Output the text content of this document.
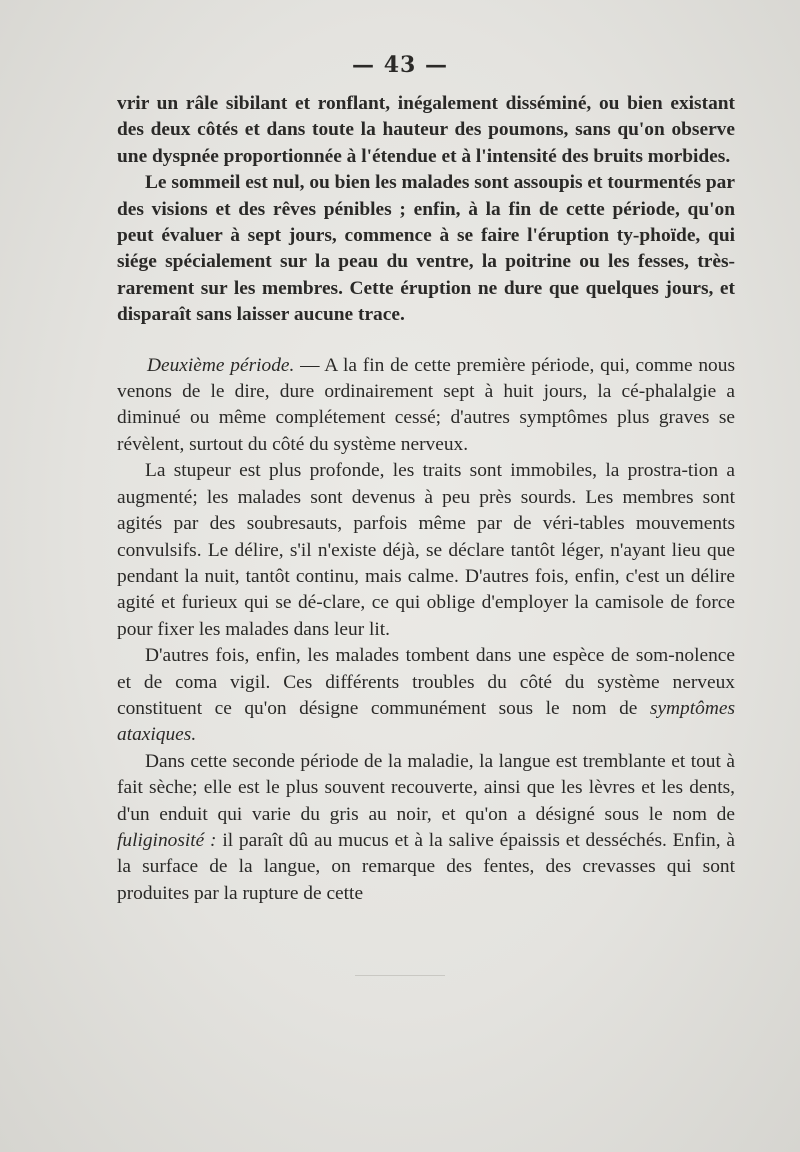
— 43 —

vrir un râle sibilant et ronflant, inégalement disséminé, ou bien existant des deux côtés et dans toute la hauteur des poumons, sans qu'on observe une dyspnée proportionnée à l'étendue et à l'intensité des bruits morbides.

Le sommeil est nul, ou bien les malades sont assoupis et tourmentés par des visions et des rêves pénibles ; enfin, à la fin de cette période, qu'on peut évaluer à sept jours, commence à se faire l'éruption ty-phoïde, qui siége spécialement sur la peau du ventre, la poitrine ou les fesses, très-rarement sur les membres. Cette éruption ne dure que quelques jours, et disparaît sans laisser aucune trace.

Deuxième période. — A la fin de cette première période, qui, comme nous venons de le dire, dure ordinairement sept à huit jours, la cé-phalalgie a diminué ou même complétement cessé; d'autres symptômes plus graves se révèlent, surtout du côté du système nerveux.

La stupeur est plus profonde, les traits sont immobiles, la prostra-tion a augmenté; les malades sont devenus à peu près sourds. Les membres sont agités par des soubresauts, parfois même par de véri-tables mouvements convulsifs. Le délire, s'il n'existe déjà, se déclare tantôt léger, n'ayant lieu que pendant la nuit, tantôt continu, mais calme. D'autres fois, enfin, c'est un délire agité et furieux qui se dé-clare, ce qui oblige d'employer la camisole de force pour fixer les malades dans leur lit.

D'autres fois, enfin, les malades tombent dans une espèce de som-nolence et de coma vigil. Ces différents troubles du côté du système nerveux constituent ce qu'on désigne communément sous le nom de symptômes ataxiques.

Dans cette seconde période de la maladie, la langue est tremblante et tout à fait sèche; elle est le plus souvent recouverte, ainsi que les lèvres et les dents, d'un enduit qui varie du gris au noir, et qu'on a désigné sous le nom de fuliginosité : il paraît dû au mucus et à la salive épaissis et desséchés. Enfin, à la surface de la langue, on remarque des fentes, des crevasses qui sont produites par la rupture de cette
